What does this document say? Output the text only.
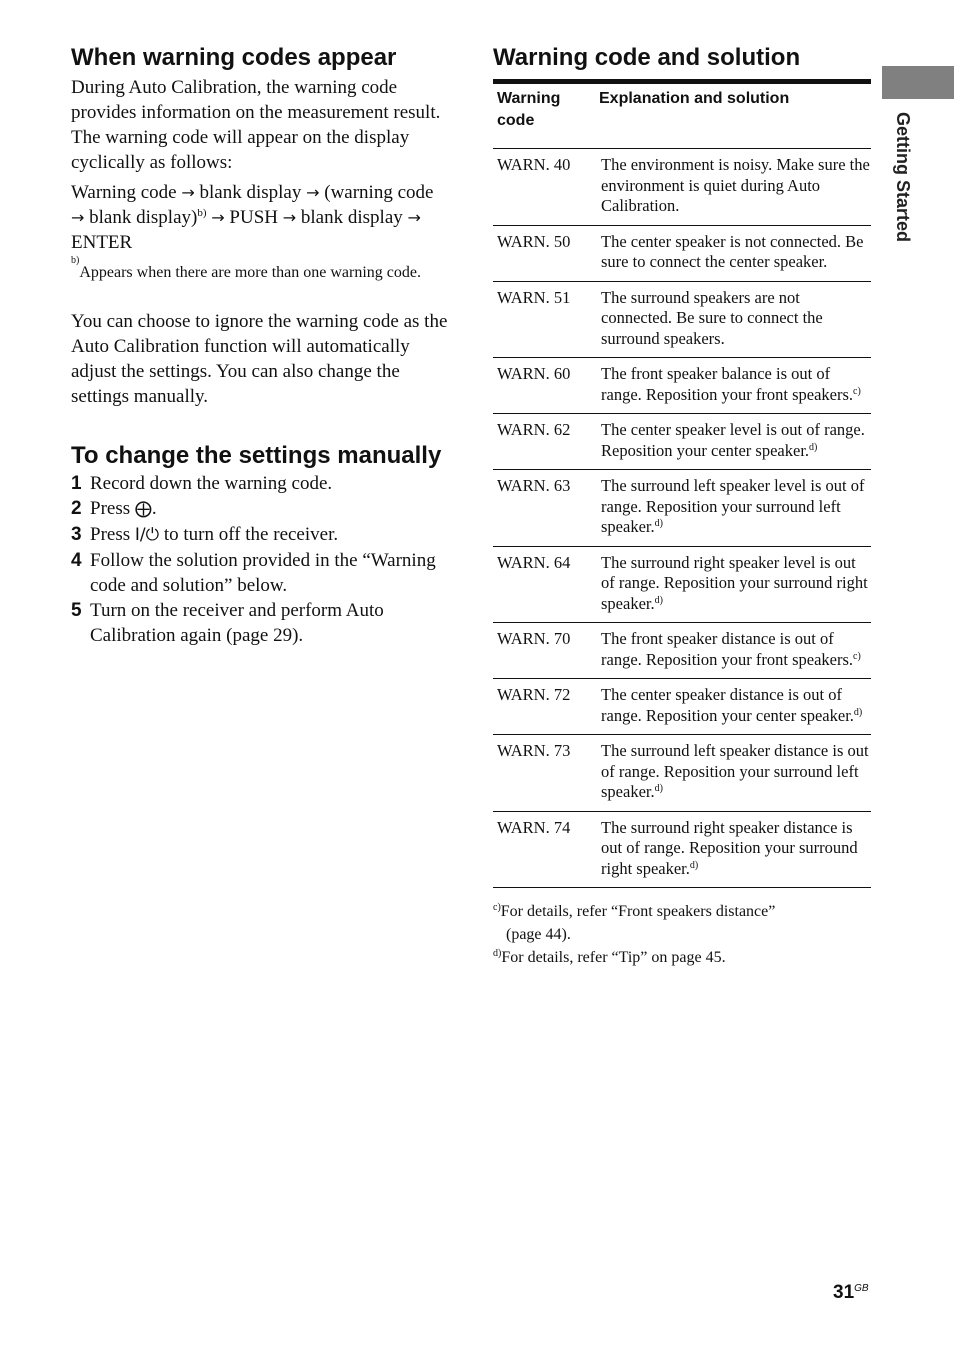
When warning codes appear

During Auto Calibration, the warning code provides information on the measurement result. The warning code will appear on the display cyclically as follows:

Warning code → blank display → (warning code → blank display)$^{b)}$ → PUSH → blank display → ENTER

b)
Appears when there are more than one warning code.

You can choose to ignore the warning code as the Auto Calibration function will automatically adjust the settings. You can also change the settings manually.

To change the settings manually
1 Record down the warning code.
2 Press ⨁.
3 Press I/⏻ to turn off the receiver.
4 Follow the solution provided in the “Warning code and solution” below.
5 Turn on the receiver and perform Auto Calibration again (page 29).
Warning code and solution
Warning code	Explanation and solution
WARN. 40	The environment is noisy. Make sure the environment is quiet during Auto Calibration.
WARN. 50	The center speaker is not connected. Be sure to connect the center speaker.
WARN. 51	The surround speakers are not connected. Be sure to connect the surround speakers.
WARN. 60	The front speaker balance is out of range. Reposition your front speakers.$^{c)}$
WARN. 62	The center speaker level is out of range. Reposition your center speaker.$^{d)}$
WARN. 63	The surround left speaker level is out of range. Reposition your surround left speaker.$^{d)}$
WARN. 64	The surround right speaker level is out of range. Reposition your surround right speaker.$^{d)}$
WARN. 70	The front speaker distance is out of range. Reposition your front speakers.$^{c)}$
WARN. 72	The center speaker distance is out of range. Reposition your center speaker.$^{d)}$
WARN. 73	The surround left speaker distance is out of range. Reposition your surround left speaker.$^{d)}$
WARN. 74	The surround right speaker distance is out of range. Reposition your surround right speaker.$^{d)}$
$^{c)}$For details, refer “Front speakers distance”
(page 44).
$^{d)}$For details, refer “Tip” on page 45.
Getting Started
$31^{GB}$
